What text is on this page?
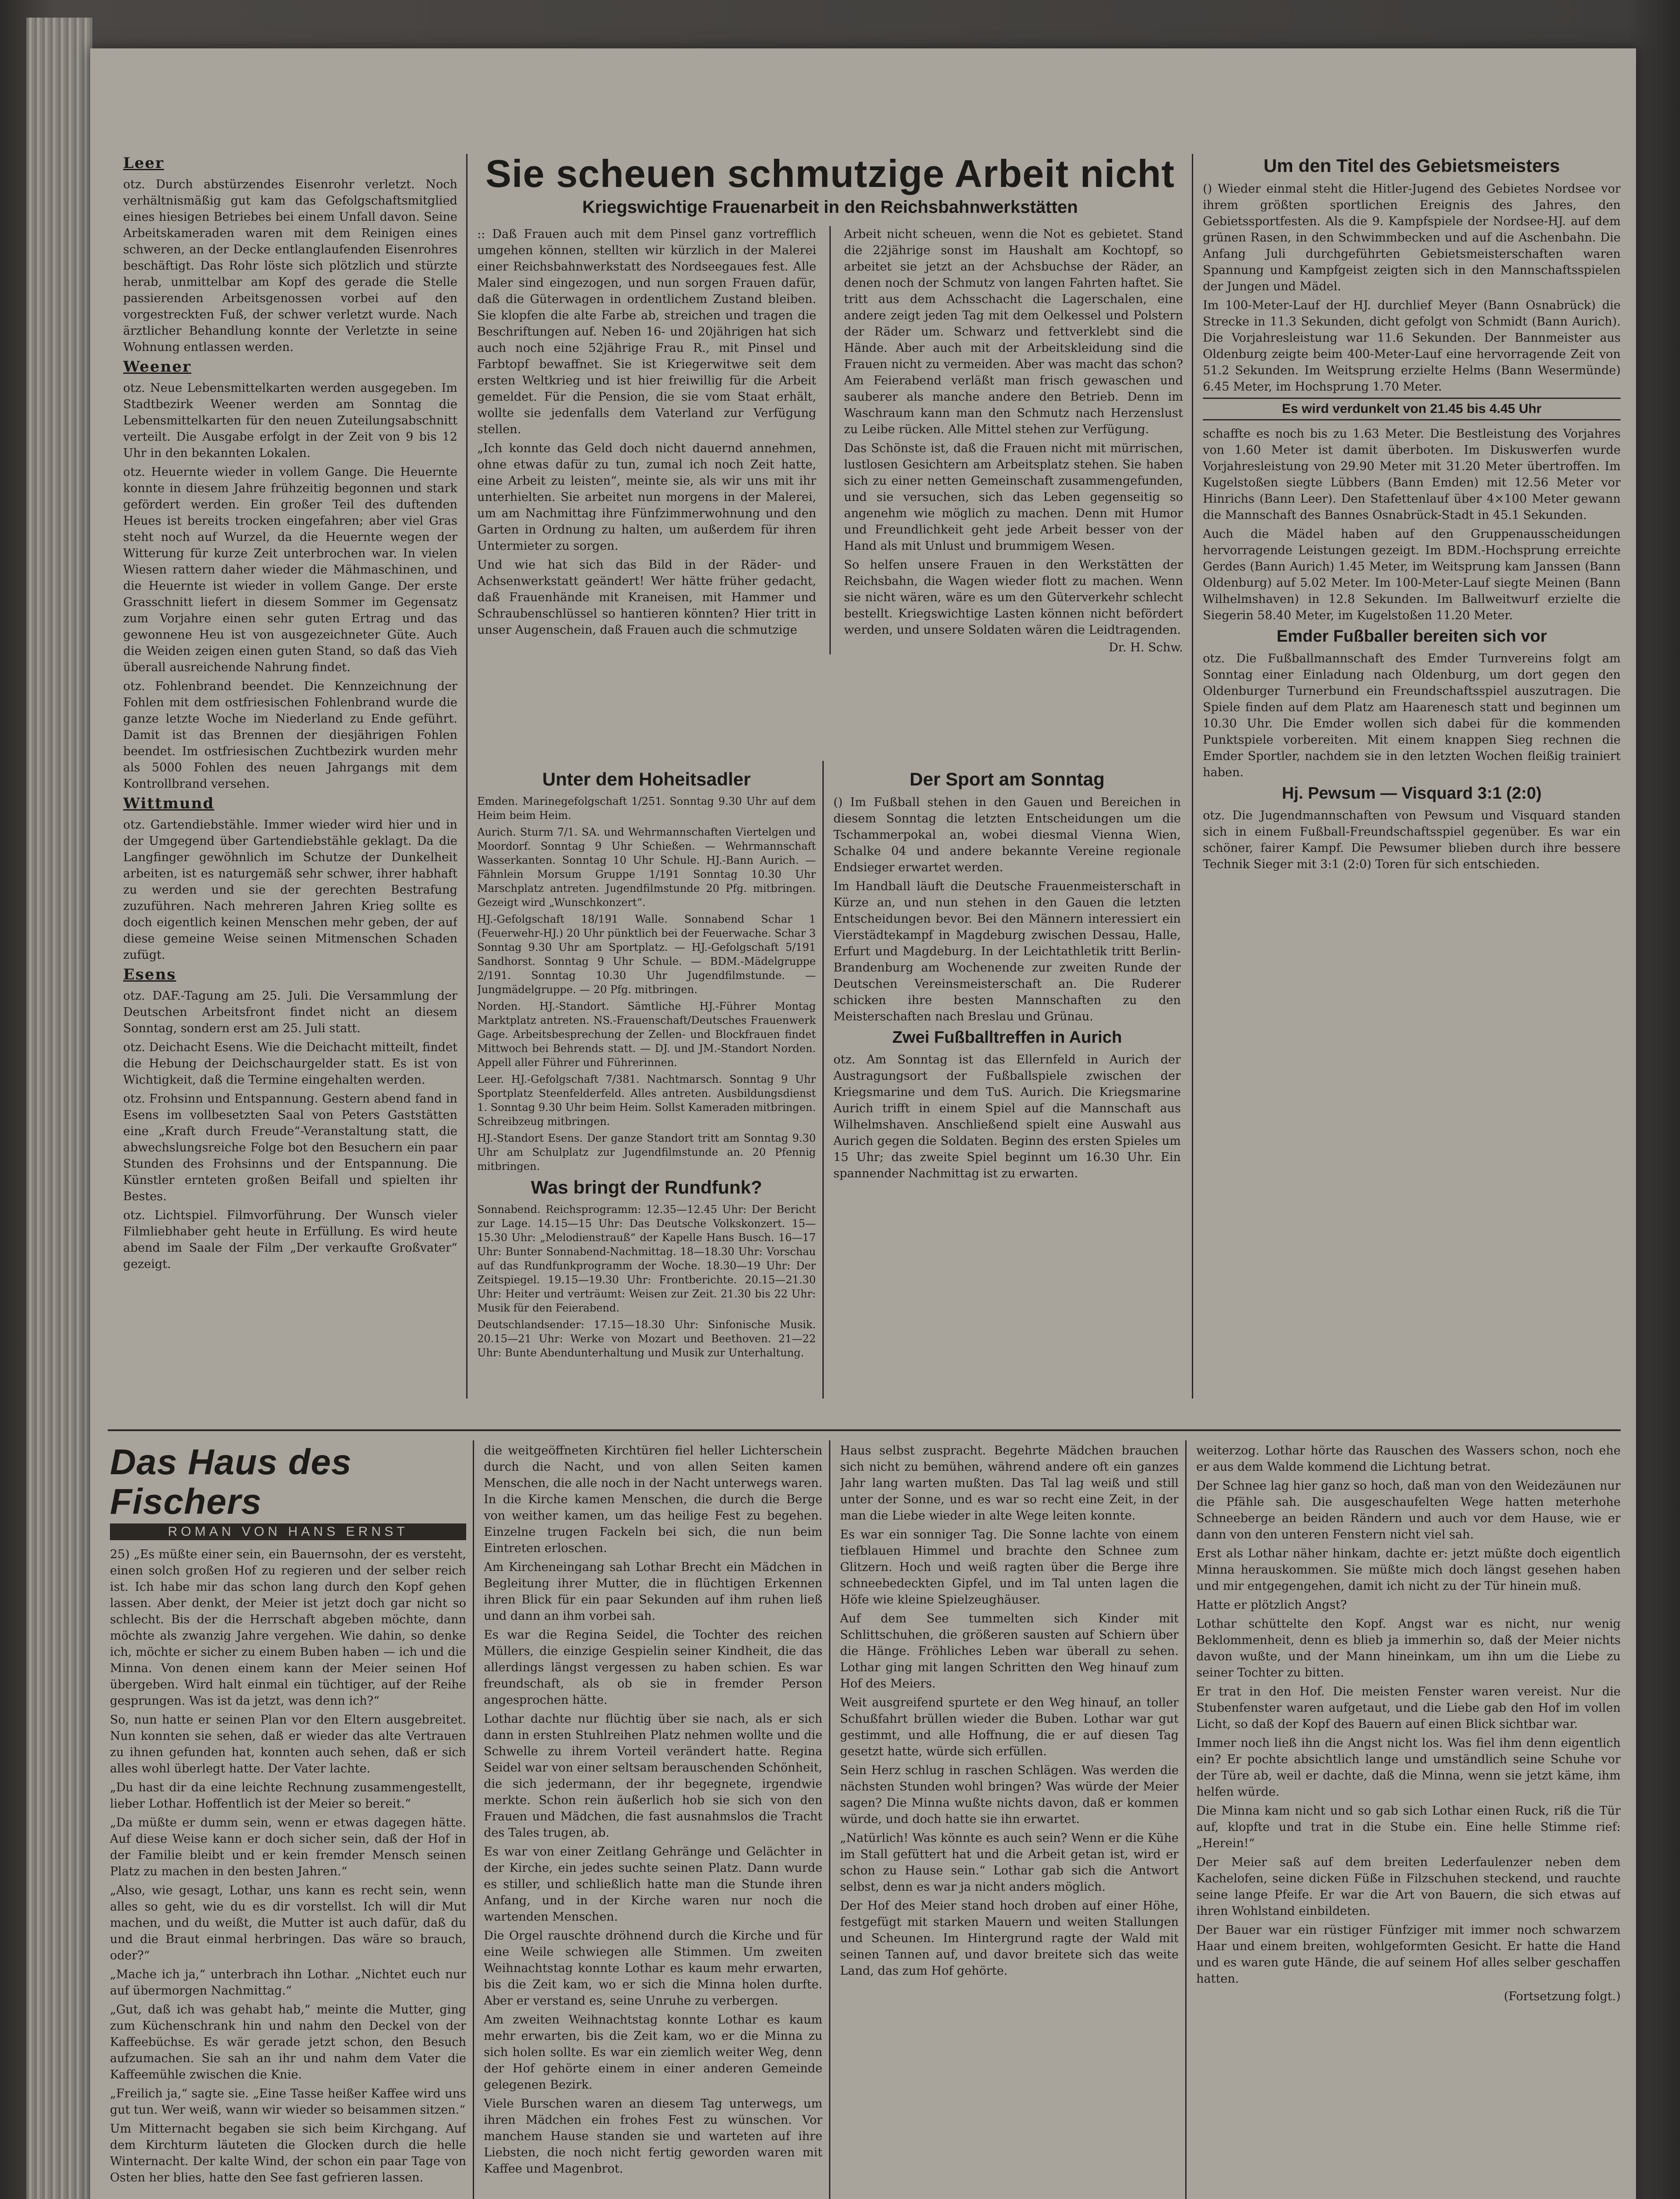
Leer

otz. Durch abstürzendes Eisenrohr verletzt. Noch verhältnismäßig gut kam das Gefolgschaftsmitglied eines hiesigen Betriebes bei einem Unfall davon. Seine Arbeitskameraden waren mit dem Reinigen eines schweren, an der Decke entlanglaufenden Eisenrohres beschäftigt. Das Rohr löste sich plötzlich und stürzte herab, unmittelbar am Kopf des gerade die Stelle passierenden Arbeitsgenossen vorbei auf den vorgestreckten Fuß, der schwer verletzt wurde. Nach ärztlicher Behandlung konnte der Verletzte in seine Wohnung entlassen werden.

Weener

otz. Neue Lebensmittelkarten werden ausgegeben. Im Stadtbezirk Weener werden am Sonntag die Lebensmittelkarten für den neuen Zuteilungsabschnitt verteilt. Die Ausgabe erfolgt in der Zeit von 9 bis 12 Uhr in den bekannten Lokalen.

otz. Heuernte wieder in vollem Gange. Die Heuernte konnte in diesem Jahre frühzeitig begonnen und stark gefördert werden. Ein großer Teil des duftenden Heues ist bereits trocken eingefahren; aber viel Gras steht noch auf Wurzel, da die Heuernte wegen der Witterung für kurze Zeit unterbrochen war. In vielen Wiesen rattern daher wieder die Mähmaschinen, und die Heuernte ist wieder in vollem Gange. Der erste Grasschnitt liefert in diesem Sommer im Gegensatz zum Vorjahre einen sehr guten Ertrag und das gewonnene Heu ist von ausgezeichneter Güte. Auch die Weiden zeigen einen guten Stand, so daß das Vieh überall ausreichende Nahrung findet.

otz. Fohlenbrand beendet. Die Kennzeichnung der Fohlen mit dem ostfriesischen Fohlenbrand wurde die ganze letzte Woche im Niederland zu Ende geführt. Damit ist das Brennen der diesjährigen Fohlen beendet. Im ostfriesischen Zuchtbezirk wurden mehr als 5000 Fohlen des neuen Jahrgangs mit dem Kontrollbrand versehen.

Wittmund

otz. Gartendiebstähle. Immer wieder wird hier und in der Umgegend über Gartendiebstähle geklagt. Da die Langfinger gewöhnlich im Schutze der Dunkelheit arbeiten, ist es naturgemäß sehr schwer, ihrer habhaft zu werden und sie der gerechten Bestrafung zuzuführen. Nach mehreren Jahren Krieg sollte es doch eigentlich keinen Menschen mehr geben, der auf diese gemeine Weise seinen Mitmenschen Schaden zufügt.

Esens

otz. DAF.-Tagung am 25. Juli. Die Versammlung der Deutschen Arbeitsfront findet nicht an diesem Sonntag, sondern erst am 25. Juli statt.

otz. Deichacht Esens. Wie die Deichacht mitteilt, findet die Hebung der Deichschaurgelder statt. Es ist von Wichtigkeit, daß die Termine eingehalten werden.

otz. Frohsinn und Entspannung. Gestern abend fand in Esens im vollbesetzten Saal von Peters Gaststätten eine „Kraft durch Freude“-Veranstaltung statt, die abwechslungsreiche Folge bot den Besuchern ein paar Stunden des Frohsinns und der Entspannung. Die Künstler ernteten großen Beifall und spielten ihr Bestes.

otz. Lichtspiel. Filmvorführung. Der Wunsch vieler Filmliebhaber geht heute in Erfüllung. Es wird heute abend im Saale der Film „Der verkaufte Großvater“ gezeigt.

Sie scheuen schmutzige Arbeit nicht
Kriegswichtige Frauenarbeit in den Reichsbahnwerkstätten

:: Daß Frauen auch mit dem Pinsel ganz vortrefflich umgehen können, stellten wir kürzlich in der Malerei einer Reichsbahnwerkstatt des Nordseegaues fest. Alle Maler sind eingezogen, und nun sorgen Frauen dafür, daß die Güterwagen in ordentlichem Zustand bleiben. Sie klopfen die alte Farbe ab, streichen und tragen die Beschriftungen auf. Neben 16- und 20jährigen hat sich auch noch eine 52jährige Frau R., mit Pinsel und Farbtopf bewaffnet. Sie ist Kriegerwitwe seit dem ersten Weltkrieg und ist hier freiwillig für die Arbeit gemeldet. Für die Pension, die sie vom Staat erhält, wollte sie jedenfalls dem Vaterland zur Verfügung stellen.

„Ich konnte das Geld doch nicht dauernd annehmen, ohne etwas dafür zu tun, zumal ich noch Zeit hatte, eine Arbeit zu leisten“, meinte sie, als wir uns mit ihr unterhielten. Sie arbeitet nun morgens in der Malerei, um am Nachmittag ihre Fünfzimmerwohnung und den Garten in Ordnung zu halten, um außerdem für ihren Untermieter zu sorgen.

Und wie hat sich das Bild in der Räder- und Achsenwerkstatt geändert! Wer hätte früher gedacht, daß Frauenhände mit Kraneisen, mit Hammer und Schraubenschlüssel so hantieren könnten? Hier tritt in unser Augenschein, daß Frauen auch die schmutzige

Arbeit nicht scheuen, wenn die Not es gebietet. Stand die 22jährige sonst im Haushalt am Kochtopf, so arbeitet sie jetzt an der Achsbuchse der Räder, an denen noch der Schmutz von langen Fahrten haftet. Sie tritt aus dem Achsschacht die Lagerschalen, eine andere zeigt jeden Tag mit dem Oelkessel und Polstern der Räder um. Schwarz und fettverklebt sind die Hände. Aber auch mit der Arbeitskleidung sind die Frauen nicht zu vermeiden. Aber was macht das schon? Am Feierabend verläßt man frisch gewaschen und sauberer als manche andere den Betrieb. Denn im Waschraum kann man den Schmutz nach Herzenslust zu Leibe rücken. Alle Mittel stehen zur Verfügung.

Das Schönste ist, daß die Frauen nicht mit mürrischen, lustlosen Gesichtern am Arbeitsplatz stehen. Sie haben sich zu einer netten Gemeinschaft zusammengefunden, und sie versuchen, sich das Leben gegenseitig so angenehm wie möglich zu machen. Denn mit Humor und Freundlichkeit geht jede Arbeit besser von der Hand als mit Unlust und brummigem Wesen.

So helfen unsere Frauen in den Werkstätten der Reichsbahn, die Wagen wieder flott zu machen. Wenn sie nicht wären, wäre es um den Güterverkehr schlecht bestellt. Kriegswichtige Lasten können nicht befördert werden, und unsere Soldaten wären die Leidtragenden.

Dr. H. Schw.
Unter dem Hoheitsadler

Emden. Marinegefolgschaft 1/251. Sonntag 9.30 Uhr auf dem Heim beim Heim.

Aurich. Sturm 7/1. SA. und Wehrmannschaften Viertelgen und Moordorf. Sonntag 9 Uhr Schießen. — Wehrmannschaft Wasserkanten. Sonntag 10 Uhr Schule. HJ.-Bann Aurich. — Fähnlein Morsum Gruppe 1/191 Sonntag 10.30 Uhr Marschplatz antreten. Jugendfilmstunde 20 Pfg. mitbringen. Gezeigt wird „Wunschkonzert“.

HJ.-Gefolgschaft 18/191 Walle. Sonnabend Schar 1 (Feuerwehr-HJ.) 20 Uhr pünktlich bei der Feuerwache. Schar 3 Sonntag 9.30 Uhr am Sportplatz. — HJ.-Gefolgschaft 5/191 Sandhorst. Sonntag 9 Uhr Schule. — BDM.-Mädelgruppe 2/191. Sonntag 10.30 Uhr Jugendfilmstunde. — Jungmädelgruppe. — 20 Pfg. mitbringen.

Norden. HJ.-Standort. Sämtliche HJ.-Führer Montag Marktplatz antreten. NS.-Frauenschaft/Deutsches Frauenwerk Gage. Arbeitsbesprechung der Zellen- und Blockfrauen findet Mittwoch bei Behrends statt. — DJ. und JM.-Standort Norden. Appell aller Führer und Führerinnen.

Leer. HJ.-Gefolgschaft 7/381. Nachtmarsch. Sonntag 9 Uhr Sportplatz Steenfelderfeld. Alles antreten. Ausbildungsdienst 1. Sonntag 9.30 Uhr beim Heim. Sollst Kameraden mitbringen. Schreibzeug mitbringen.

HJ.-Standort Esens. Der ganze Standort tritt am Sonntag 9.30 Uhr am Schulplatz zur Jugendfilmstunde an. 20 Pfennig mitbringen.

Was bringt der Rundfunk?

Sonnabend. Reichsprogramm: 12.35—12.45 Uhr: Der Bericht zur Lage. 14.15—15 Uhr: Das Deutsche Volkskonzert. 15—15.30 Uhr: „Melodienstrauß“ der Kapelle Hans Busch. 16—17 Uhr: Bunter Sonnabend-Nachmittag. 18—18.30 Uhr: Vorschau auf das Rundfunkprogramm der Woche. 18.30—19 Uhr: Der Zeitspiegel. 19.15—19.30 Uhr: Frontberichte. 20.15—21.30 Uhr: Heiter und verträumt: Weisen zur Zeit. 21.30 bis 22 Uhr: Musik für den Feierabend.

Deutschlandsender: 17.15—18.30 Uhr: Sinfonische Musik. 20.15—21 Uhr: Werke von Mozart und Beethoven. 21—22 Uhr: Bunte Abendunterhaltung und Musik zur Unterhaltung.

Der Sport am Sonntag

() Im Fußball stehen in den Gauen und Bereichen in diesem Sonntag die letzten Entscheidungen um die Tschammerpokal an, wobei diesmal Vienna Wien, Schalke 04 und andere bekannte Vereine regionale Endsieger erwartet werden.

Im Handball läuft die Deutsche Frauenmeisterschaft in Kürze an, und nun stehen in den Gauen die letzten Entscheidungen bevor. Bei den Männern interessiert ein Vierstädtekampf in Magdeburg zwischen Dessau, Halle, Erfurt und Magdeburg. In der Leichtathletik tritt Berlin-Brandenburg am Wochenende zur zweiten Runde der Deutschen Vereinsmeisterschaft an. Die Ruderer schicken ihre besten Mannschaften zu den Meisterschaften nach Breslau und Grünau.

Zwei Fußballtreffen in Aurich

otz. Am Sonntag ist das Ellernfeld in Aurich der Austragungsort der Fußballspiele zwischen der Kriegsmarine und dem TuS. Aurich. Die Kriegsmarine Aurich trifft in einem Spiel auf die Mannschaft aus Wilhelmshaven. Anschließend spielt eine Auswahl aus Aurich gegen die Soldaten. Beginn des ersten Spieles um 15 Uhr; das zweite Spiel beginnt um 16.30 Uhr. Ein spannender Nachmittag ist zu erwarten.

Um den Titel des Gebietsmeisters

() Wieder einmal steht die Hitler-Jugend des Gebietes Nordsee vor ihrem größten sportlichen Ereignis des Jahres, den Gebietssportfesten. Als die 9. Kampfspiele der Nordsee-HJ. auf dem grünen Rasen, in den Schwimmbecken und auf die Aschenbahn. Die Anfang Juli durchgeführten Gebietsmeisterschaften waren Spannung und Kampfgeist zeigten sich in den Mannschaftsspielen der Jungen und Mädel.

Im 100-Meter-Lauf der HJ. durchlief Meyer (Bann Osnabrück) die Strecke in 11.3 Sekunden, dicht gefolgt von Schmidt (Bann Aurich). Die Vorjahresleistung war 11.6 Sekunden. Der Bannmeister aus Oldenburg zeigte beim 400-Meter-Lauf eine hervorragende Zeit von 51.2 Sekunden. Im Weitsprung erzielte Helms (Bann Wesermünde) 6.45 Meter, im Hochsprung 1.70 Meter.

Es wird verdunkelt von 21.45 bis 4.45 Uhr

schaffte es noch bis zu 1.63 Meter. Die Bestleistung des Vorjahres von 1.60 Meter ist damit überboten. Im Diskuswerfen wurde Vorjahresleistung von 29.90 Meter mit 31.20 Meter übertroffen. Im Kugelstoßen siegte Lübbers (Bann Emden) mit 12.56 Meter vor Hinrichs (Bann Leer). Den Stafettenlauf über 4×100 Meter gewann die Mannschaft des Bannes Osnabrück-Stadt in 45.1 Sekunden.

Auch die Mädel haben auf den Gruppenausscheidungen hervorragende Leistungen gezeigt. Im BDM.-Hochsprung erreichte Gerdes (Bann Aurich) 1.45 Meter, im Weitsprung kam Janssen (Bann Oldenburg) auf 5.02 Meter. Im 100-Meter-Lauf siegte Meinen (Bann Wilhelmshaven) in 12.8 Sekunden. Im Ballweitwurf erzielte die Siegerin 58.40 Meter, im Kugelstoßen 11.20 Meter.

Emder Fußballer bereiten sich vor

otz. Die Fußballmannschaft des Emder Turnvereins folgt am Sonntag einer Einladung nach Oldenburg, um dort gegen den Oldenburger Turnerbund ein Freundschaftsspiel auszutragen. Die Spiele finden auf dem Platz am Haarenesch statt und beginnen um 10.30 Uhr. Die Emder wollen sich dabei für die kommenden Punktspiele vorbereiten. Mit einem knappen Sieg rechnen die Emder Sportler, nachdem sie in den letzten Wochen fleißig trainiert haben.

Hj. Pewsum — Visquard 3:1 (2:0)

otz. Die Jugendmannschaften von Pewsum und Visquard standen sich in einem Fußball-Freundschaftsspiel gegenüber. Es war ein schöner, fairer Kampf. Die Pewsumer blieben durch ihre bessere Technik Sieger mit 3:1 (2:0) Toren für sich entschieden.

Das Haus des Fischers
ROMAN VON HANS ERNST

25) „Es müßte einer sein, ein Bauernsohn, der es versteht, einen solch großen Hof zu regieren und der selber reich ist. Ich habe mir das schon lang durch den Kopf gehen lassen. Aber denkt, der Meier ist jetzt doch gar nicht so schlecht. Bis der die Herrschaft abgeben möchte, dann möchte als zwanzig Jahre vergehen. Wie dahin, so denke ich, möchte er sicher zu einem Buben haben — ich und die Minna. Von denen einem kann der Meier seinen Hof übergeben. Wird halt einmal ein tüchtiger, auf der Reihe gesprungen. Was ist da jetzt, was denn ich?“

So, nun hatte er seinen Plan vor den Eltern ausgebreitet. Nun konnten sie sehen, daß er wieder das alte Vertrauen zu ihnen gefunden hat, konnten auch sehen, daß er sich alles wohl überlegt hatte. Der Vater lachte.

„Du hast dir da eine leichte Rechnung zusammengestellt, lieber Lothar. Hoffentlich ist der Meier so bereit.“

„Da müßte er dumm sein, wenn er etwas dagegen hätte. Auf diese Weise kann er doch sicher sein, daß der Hof in der Familie bleibt und er kein fremder Mensch seinen Platz zu machen in den besten Jahren.“

„Also, wie gesagt, Lothar, uns kann es recht sein, wenn alles so geht, wie du es dir vorstellst. Ich will dir Mut machen, und du weißt, die Mutter ist auch dafür, daß du und die Braut einmal herbringen. Das wäre so brauch, oder?“

„Mache ich ja,“ unterbrach ihn Lothar. „Nichtet euch nur auf übermorgen Nachmittag.“

„Gut, daß ich was gehabt hab,“ meinte die Mutter, ging zum Küchenschrank hin und nahm den Deckel von der Kaffeebüchse. Es wär gerade jetzt schon, den Besuch aufzumachen. Sie sah an ihr und nahm dem Vater die Kaffeemühle zwischen die Knie.

„Freilich ja,“ sagte sie. „Eine Tasse heißer Kaffee wird uns gut tun. Wer weiß, wann wir wieder so beisammen sitzen.“

Um Mitternacht begaben sie sich beim Kirchgang. Auf dem Kirchturm läuteten die Glocken durch die helle Winternacht. Der kalte Wind, der schon ein paar Tage von Osten her blies, hatte den See fast gefrieren lassen.

die weitgeöffneten Kirchtüren fiel heller Lichterschein durch die Nacht, und von allen Seiten kamen Menschen, die alle noch in der Nacht unterwegs waren. In die Kirche kamen Menschen, die durch die Berge von weither kamen, um das heilige Fest zu begehen. Einzelne trugen Fackeln bei sich, die nun beim Eintreten erloschen.

Am Kircheneingang sah Lothar Brecht ein Mädchen in Begleitung ihrer Mutter, die in flüchtigen Erkennen ihren Blick für ein paar Sekunden auf ihm ruhen ließ und dann an ihm vorbei sah.

Es war die Regina Seidel, die Tochter des reichen Müllers, die einzige Gespielin seiner Kindheit, die das allerdings längst vergessen zu haben schien. Es war freundschaft, als ob sie in fremder Person angesprochen hätte.

Lothar dachte nur flüchtig über sie nach, als er sich dann in ersten Stuhlreihen Platz nehmen wollte und die Schwelle zu ihrem Vorteil verändert hatte. Regina Seidel war von einer seltsam berauschenden Schönheit, die sich jedermann, der ihr begegnete, irgendwie merkte. Schon rein äußerlich hob sie sich von den Frauen und Mädchen, die fast ausnahmslos die Tracht des Tales trugen, ab.

Es war von einer Zeitlang Gehränge und Gelächter in der Kirche, ein jedes suchte seinen Platz. Dann wurde es stiller, und schließlich hatte man die Stunde ihren Anfang, und in der Kirche waren nur noch die wartenden Menschen.

Die Orgel rauschte dröhnend durch die Kirche und für eine Weile schwiegen alle Stimmen. Um zweiten Weihnachtstag konnte Lothar es kaum mehr erwarten, bis die Zeit kam, wo er sich die Minna holen durfte. Aber er verstand es, seine Unruhe zu verbergen.

Am zweiten Weihnachtstag konnte Lothar es kaum mehr erwarten, bis die Zeit kam, wo er die Minna zu sich holen sollte. Es war ein ziemlich weiter Weg, denn der Hof gehörte einem in einer anderen Gemeinde gelegenen Bezirk.

Viele Burschen waren an diesem Tag unterwegs, um ihren Mädchen ein frohes Fest zu wünschen. Vor manchem Hause standen sie und warteten auf ihre Liebsten, die noch nicht fertig geworden waren mit Kaffee und Magenbrot.

Haus selbst zuspracht. Begehrte Mädchen brauchen sich nicht zu bemühen, während andere oft ein ganzes Jahr lang warten mußten. Das Tal lag weiß und still unter der Sonne, und es war so recht eine Zeit, in der man die Liebe wieder in alte Wege leiten konnte.

Es war ein sonniger Tag. Die Sonne lachte von einem tiefblauen Himmel und brachte den Schnee zum Glitzern. Hoch und weiß ragten über die Berge ihre schneebedeckten Gipfel, und im Tal unten lagen die Höfe wie kleine Spielzeughäuser.

Auf dem See tummelten sich Kinder mit Schlittschuhen, die größeren sausten auf Schiern über die Hänge. Fröhliches Leben war überall zu sehen. Lothar ging mit langen Schritten den Weg hinauf zum Hof des Meiers.

Weit ausgreifend spurtete er den Weg hinauf, an toller Schußfahrt brüllen wieder die Buben. Lothar war gut gestimmt, und alle Hoffnung, die er auf diesen Tag gesetzt hatte, würde sich erfüllen.

Sein Herz schlug in raschen Schlägen. Was werden die nächsten Stunden wohl bringen? Was würde der Meier sagen? Die Minna wußte nichts davon, daß er kommen würde, und doch hatte sie ihn erwartet.

„Natürlich! Was könnte es auch sein? Wenn er die Kühe im Stall gefüttert hat und die Arbeit getan ist, wird er schon zu Hause sein.“ Lothar gab sich die Antwort selbst, denn es war ja nicht anders möglich.

Der Hof des Meier stand hoch droben auf einer Höhe, festgefügt mit starken Mauern und weiten Stallungen und Scheunen. Im Hintergrund ragte der Wald mit seinen Tannen auf, und davor breitete sich das weite Land, das zum Hof gehörte.

weiterzog. Lothar hörte das Rauschen des Wassers schon, noch ehe er aus dem Walde kommend die Lichtung betrat.

Der Schnee lag hier ganz so hoch, daß man von den Weidezäunen nur die Pfähle sah. Die ausgeschaufelten Wege hatten meterhohe Schneeberge an beiden Rändern und auch vor dem Hause, wie er dann von den unteren Fenstern nicht viel sah.

Erst als Lothar näher hinkam, dachte er: jetzt müßte doch eigentlich Minna herauskommen. Sie müßte mich doch längst gesehen haben und mir entgegengehen, damit ich nicht zu der Tür hinein muß.

Hatte er plötzlich Angst?

Lothar schüttelte den Kopf. Angst war es nicht, nur wenig Beklommenheit, denn es blieb ja immerhin so, daß der Meier nichts davon wußte, und der Mann hineinkam, um ihn um die Liebe zu seiner Tochter zu bitten.

Er trat in den Hof. Die meisten Fenster waren vereist. Nur die Stubenfenster waren aufgetaut, und die Liebe gab den Hof im vollen Licht, so daß der Kopf des Bauern auf einen Blick sichtbar war.

Immer noch ließ ihn die Angst nicht los. Was fiel ihm denn eigentlich ein? Er pochte absichtlich lange und umständlich seine Schuhe vor der Türe ab, weil er dachte, daß die Minna, wenn sie jetzt käme, ihm helfen würde.

Die Minna kam nicht und so gab sich Lothar einen Ruck, riß die Tür auf, klopfte und trat in die Stube ein. Eine helle Stimme rief: „Herein!“

Der Meier saß auf dem breiten Lederfaulenzer neben dem Kachelofen, seine dicken Füße in Filzschuhen steckend, und rauchte seine lange Pfeife. Er war die Art von Bauern, die sich etwas auf ihren Wohlstand einbildeten.

Der Bauer war ein rüstiger Fünfziger mit immer noch schwarzem Haar und einem breiten, wohlgeformten Gesicht. Er hatte die Hand und es waren gute Hände, die auf seinem Hof alles selber geschaffen hatten.

(Fortsetzung folgt.)
